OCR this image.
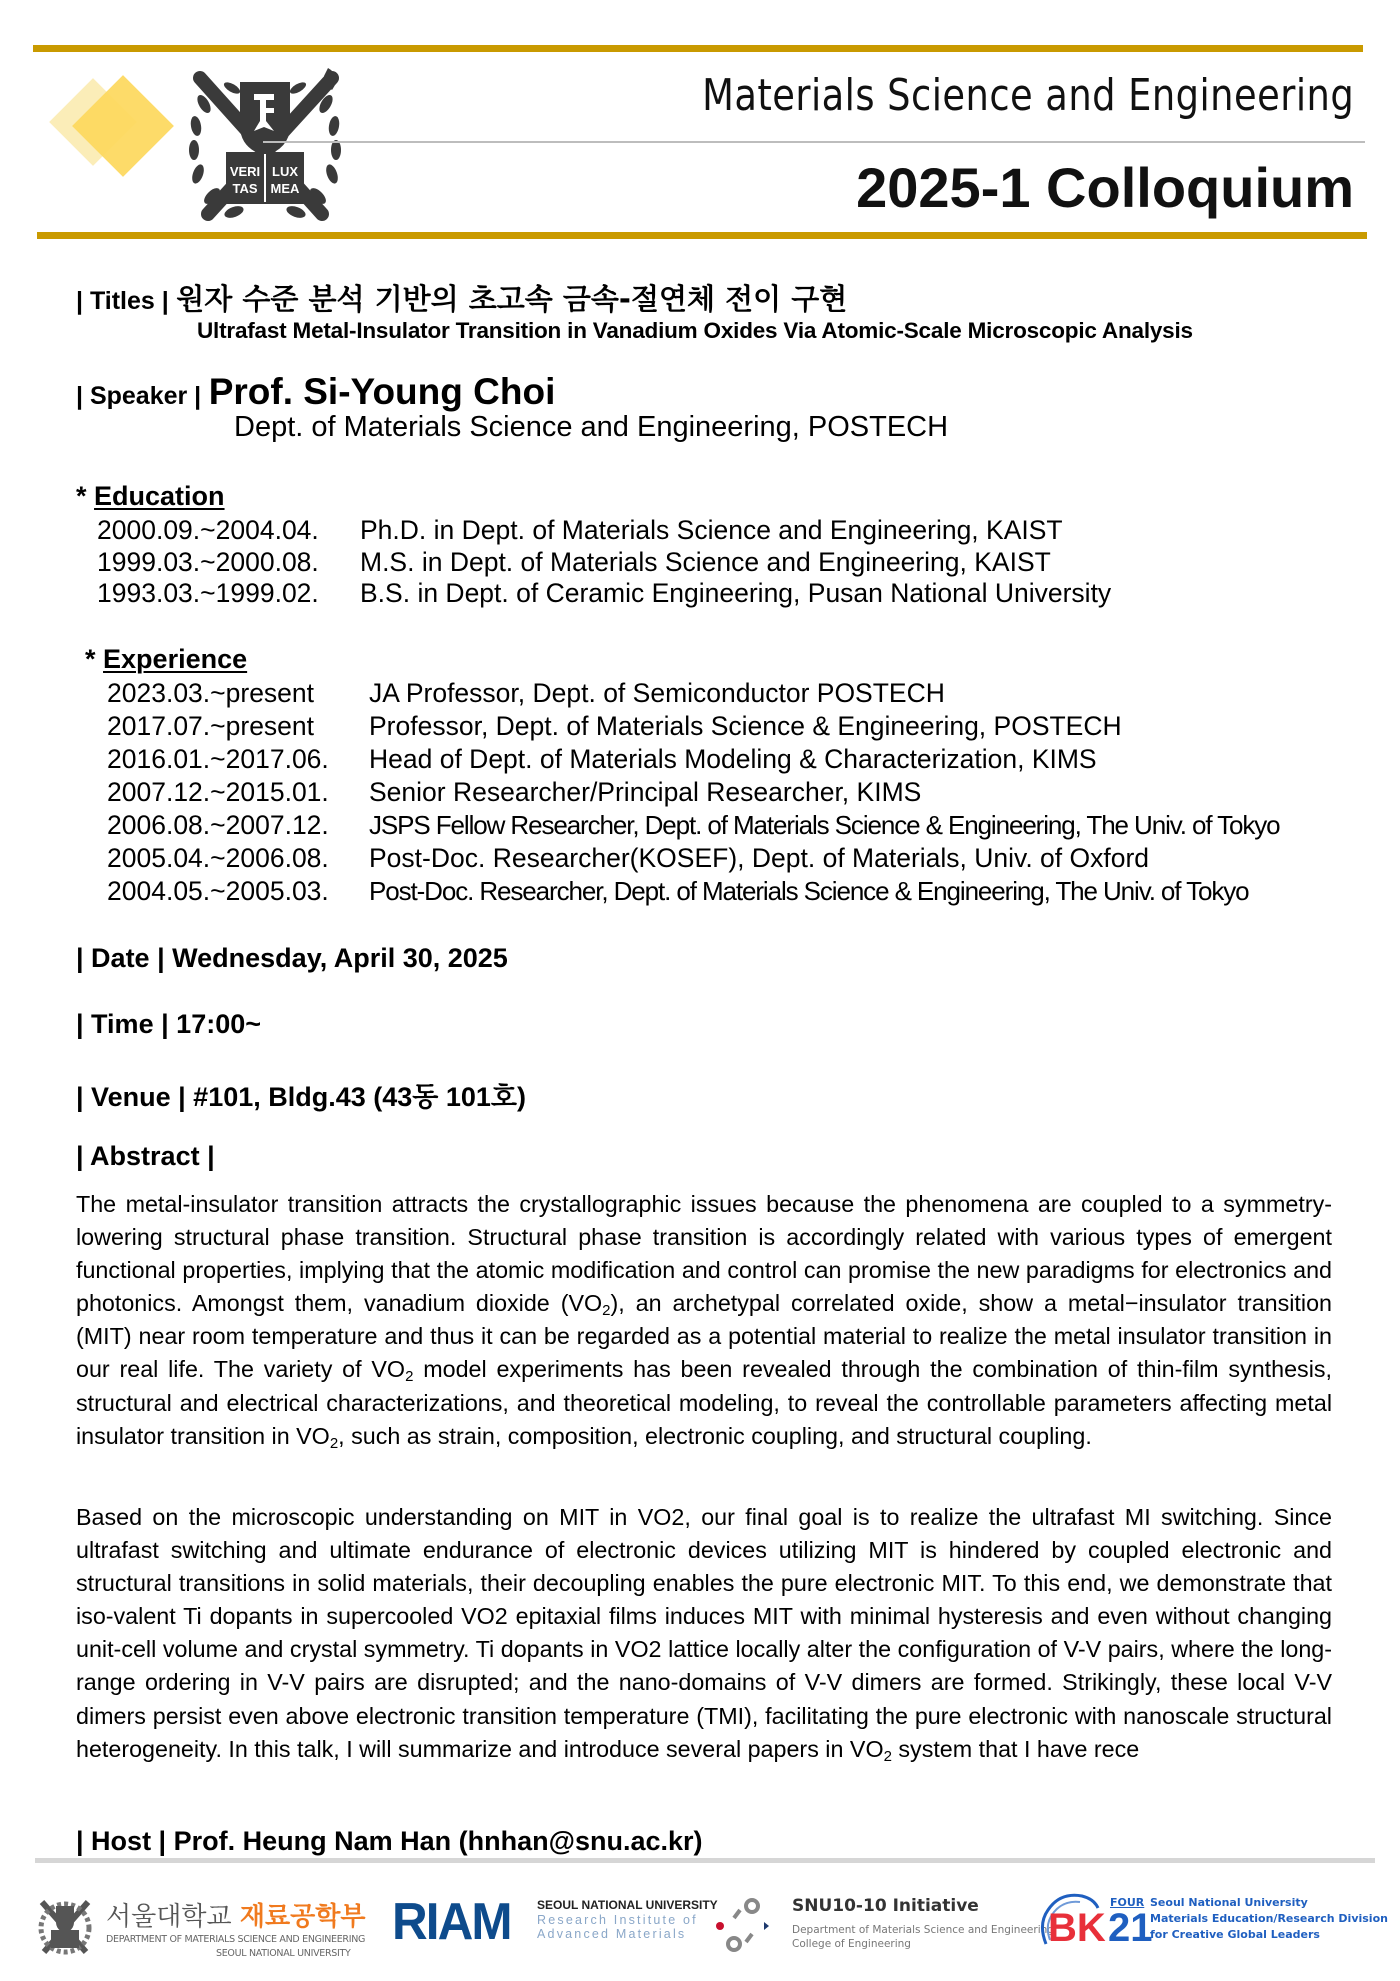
VERI LUX
TAS MEA
Materials Science and Engineering
2025-1 Colloquium
| Titles | 원자 수준 분석 기반의 초고속 금속-절연체 전이 구현
Ultrafast Metal-Insulator Transition in Vanadium Oxides Via Atomic-Scale Microscopic Analysis
| Speaker | Prof. Si-Young Choi
Dept. of Materials Science and Engineering, POSTECH
* Education
2000.09.~2004.04. Ph.D. in Dept. of Materials Science and Engineering, KAIST
1999.03.~2000.08. M.S. in Dept. of Materials Science and Engineering, KAIST
1993.03.~1999.02. B.S. in Dept. of Ceramic Engineering, Pusan National University
* Experience
2023.03.~present JA Professor, Dept. of Semiconductor POSTECH
2017.07.~present Professor, Dept. of Materials Science & Engineering, POSTECH
2016.01.~2017.06. Head of Dept. of Materials Modeling & Characterization, KIMS
2007.12.~2015.01. Senior Researcher/Principal Researcher, KIMS
2006.08.~2007.12. JSPS Fellow Researcher, Dept. of Materials Science & Engineering, The Univ. of Tokyo
2005.04.~2006.08. Post-Doc. Researcher(KOSEF), Dept. of Materials, Univ. of Oxford
2004.05.~2005.03. Post-Doc. Researcher, Dept. of Materials Science & Engineering, The Univ. of Tokyo
| Date | Wednesday, April 30, 2025
| Time | 17:00~
| Venue | #101, Bldg.43 (43동 101호)
| Abstract |
The metal-insulator transition attracts the crystallographic issues because the phenomena are coupled to a symmetry-lowering structural phase transition. Structural phase transition is accordingly related with various types of emergent functional properties, implying that the atomic modification and control can promise the new paradigms for electronics and photonics. Amongst them, vanadium dioxide $(VO_2)$, an archetypal correlated oxide, show a metal−insulator transition (MIT) near room temperature and thus it can be regarded as a potential material to realize the metal insulator transition in our real life. The variety of $VO_2$ model experiments has been revealed through the combination of thin-film synthesis, structural and electrical characterizations, and theoretical modeling, to reveal the controllable parameters affecting metal insulator transition in $VO_2$, such as strain, composition, electronic coupling, and structural coupling.
Based on the microscopic understanding on MIT in VO2, our final goal is to realize the ultrafast MI switching. Since ultrafast switching and ultimate endurance of electronic devices utilizing MIT is hindered by coupled electronic and structural transitions in solid materials, their decoupling enables the pure electronic MIT. To this end, we demonstrate that iso-valent Ti dopants in supercooled VO2 epitaxial films induces MIT with minimal hysteresis and even without changing unit-cell volume and crystal symmetry. Ti dopants in VO2 lattice locally alter the configuration of V-V pairs, where the long-range ordering in V-V pairs are disrupted; and the nano-domains of V-V dimers are formed. Strikingly, these local V-V dimers persist even above electronic transition temperature (TMI), facilitating the pure electronic with nanoscale structural heterogeneity. In this talk, I will summarize and introduce several papers in $VO_2$ system that I have rece
| Host | Prof. Heung Nam Han (hnhan@snu.ac.kr)
서울대학교 재료공학부
DEPARTMENT OF MATERIALS SCIENCE AND ENGINEERING
SEOUL NATIONAL UNIVERSITY
RIAM SEOUL NATIONAL UNIVERSITY
Research Institute of
Advanced Materials
SNU10-10 Initiative
Department of Materials Science and Engineering
College of Engineering	BK 21
FOUR Seoul National University
Materials Education/Research Division
for Creative Global Leaders
